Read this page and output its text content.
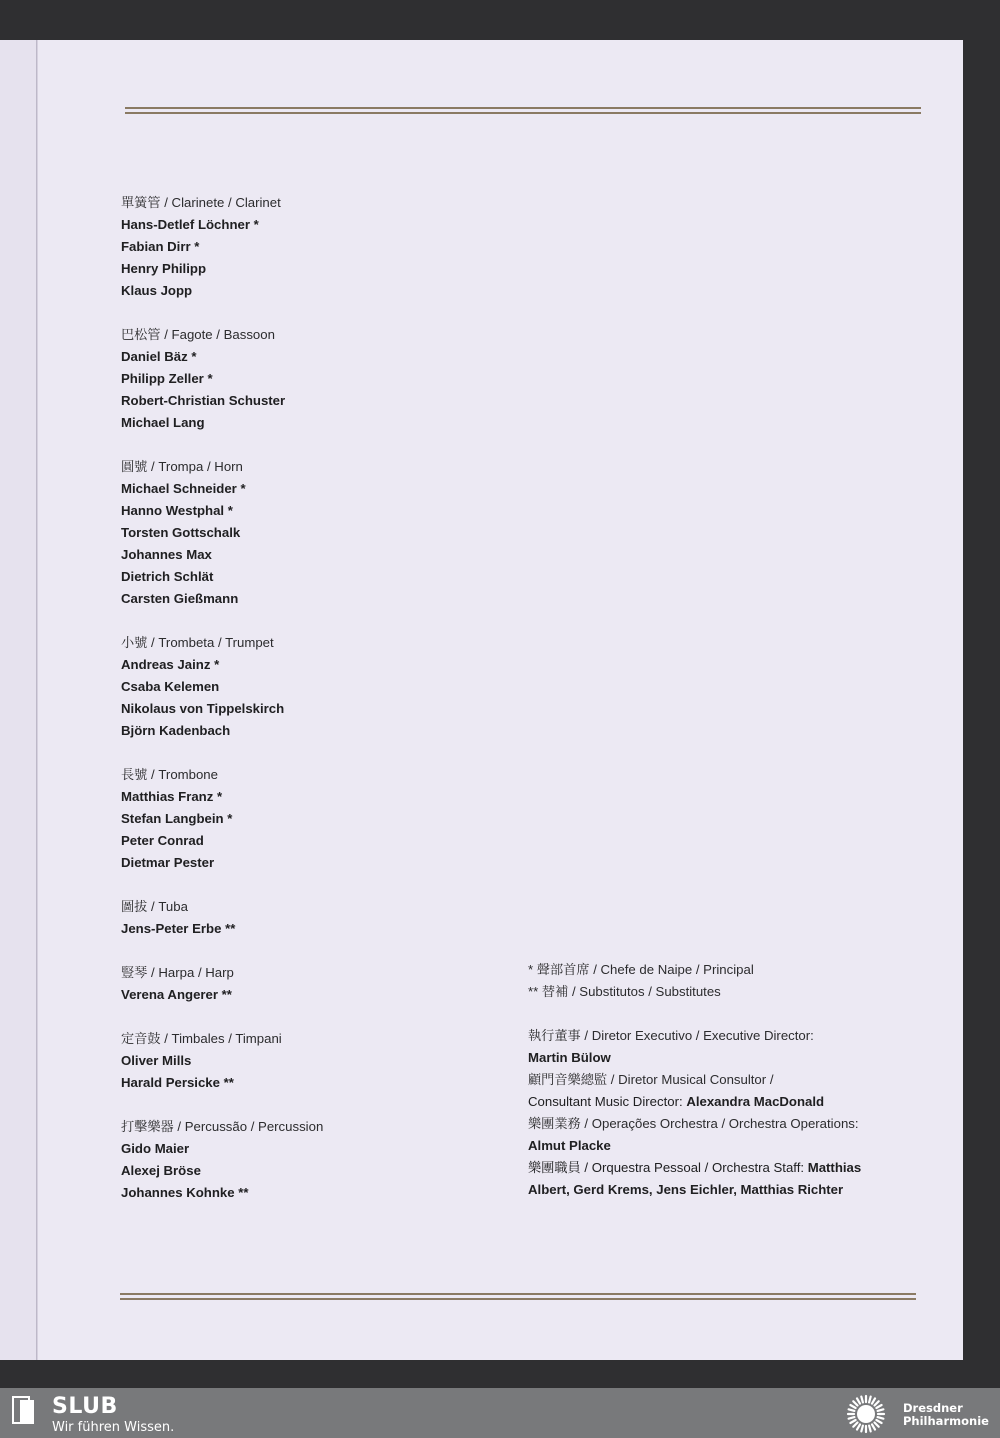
單簧管 / Clarinete / Clarinet
Hans-Detlef Löchner *
Fabian Dirr *
Henry Philipp
Klaus Jopp
巴松管 / Fagote / Bassoon
Daniel Bäz *
Philipp Zeller *
Robert-Christian Schuster
Michael Lang
圓號 / Trompa / Horn
Michael Schneider *
Hanno Westphal *
Torsten Gottschalk
Johannes Max
Dietrich Schlät
Carsten Gießmann
小號 / Trombeta / Trumpet
Andreas Jainz *
Csaba Kelemen
Nikolaus von Tippelskirch
Björn Kadenbach
長號 / Trombone
Matthias Franz *
Stefan Langbein *
Peter Conrad
Dietmar Pester
圖拔 / Tuba
Jens-Peter Erbe **
豎琴 / Harpa / Harp
Verena Angerer **
定音鼓 / Timbales / Timpani
Oliver Mills
Harald Persicke **
打擊樂器 / Percussão / Percussion
Gido Maier
Alexej Bröse
Johannes Kohnke **
* 聲部首席 / Chefe de Naipe / Principal
** 替補 / Substitutos / Substitutes
執行董事 / Diretor Executivo / Executive Director:
Martin Bülow
顧門音樂總監 / Diretor Musical Consultor /
Consultant Music Director: Alexandra MacDonald
樂團業務 / Operações Orchestra / Orchestra Operations:
Almut Placke
樂團職員 / Orquestra Pessoal / Orchestra Staff: Matthias
Albert, Gerd Krems, Jens Eichler, Matthias Richter
SLUB
Wir führen Wissen.
Dresdner
Philharmonie
